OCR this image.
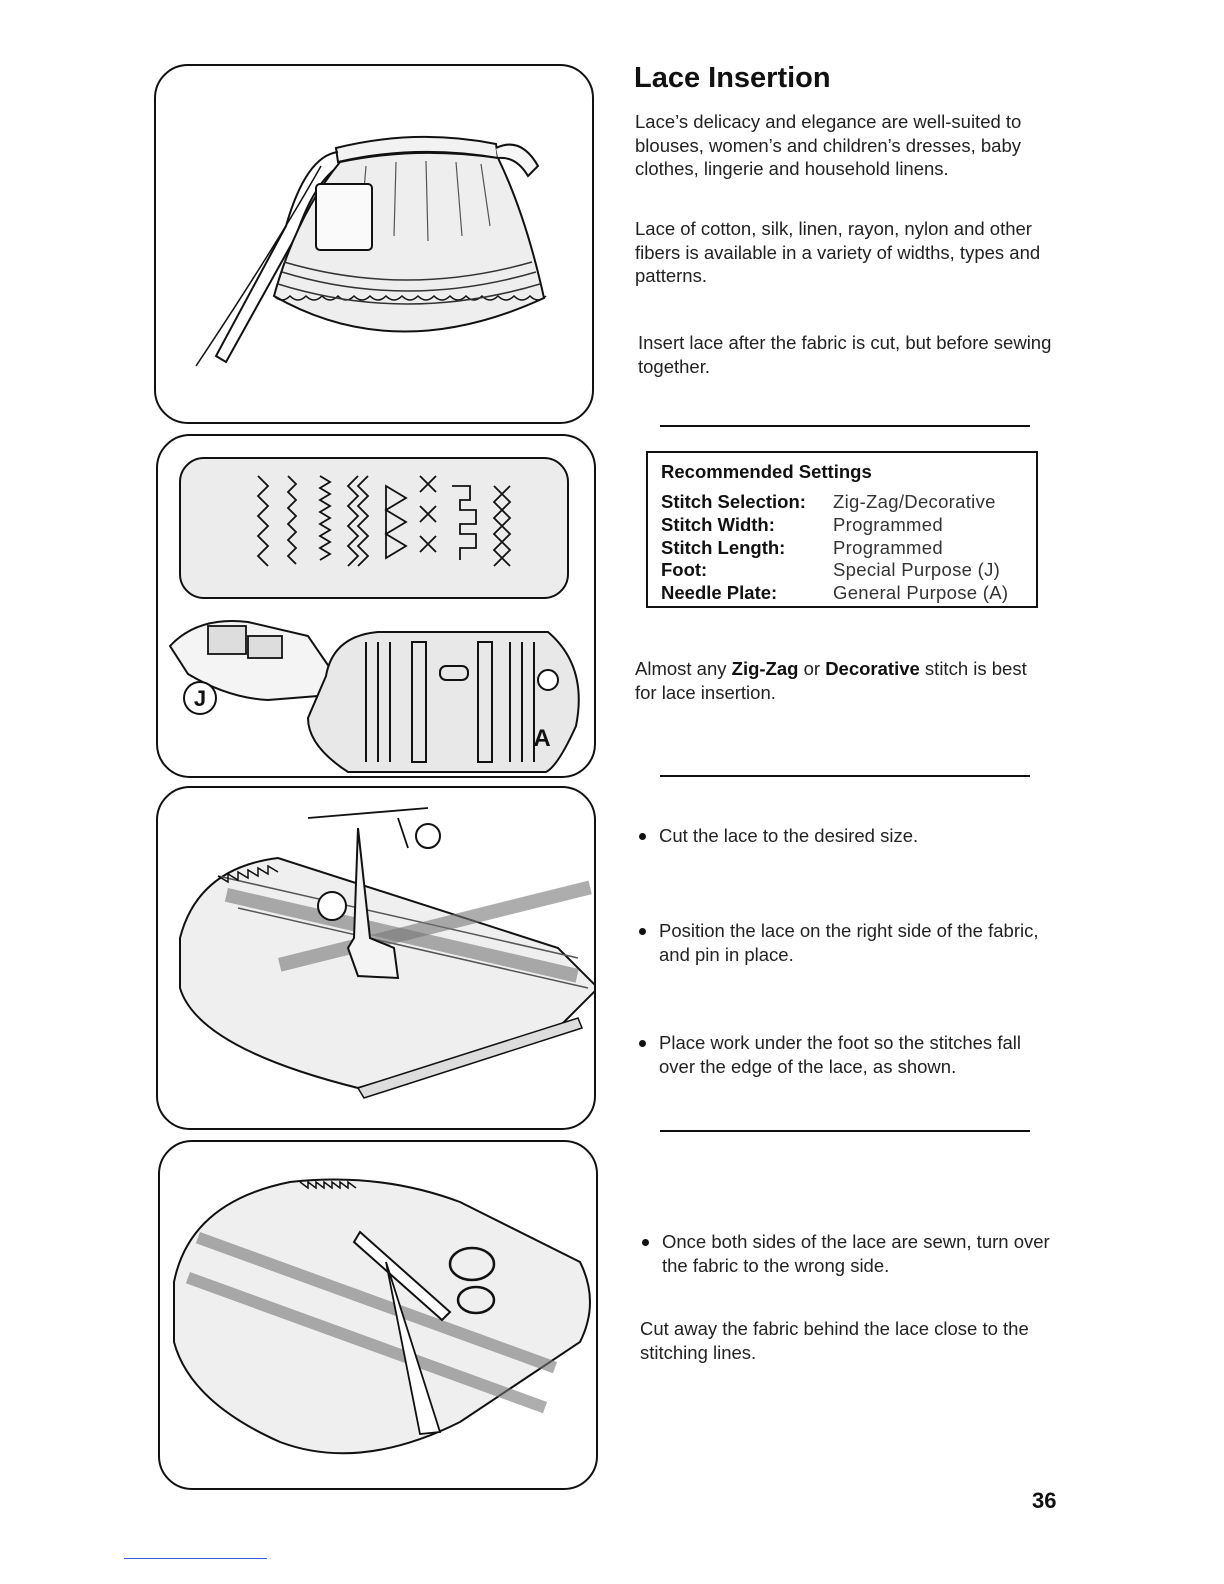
J
A
Lace Insertion

Lace’s delicacy and elegance are well-suited to blouses, women’s and children’s dresses, baby clothes, lingerie and household linens.

Lace of cotton, silk, linen, rayon, nylon and other fibers is available in a variety of widths, types and patterns.

Insert lace after the fabric is cut, but before sewing together.

Recommended Settings
Stitch Selection:	Zig-Zag/Decorative
Stitch Width:	Programmed
Stitch Length:	Programmed
Foot:	Special Purpose (J)
Needle Plate:	General Purpose (A)

Almost any Zig-Zag or Decorative stitch is best for lace insertion.

Cut the lace to the desired size.
Position the lace on the right side of the fabric, and pin in place.
Place work under the foot so the stitches fall over the edge of the lace, as shown.
Once both sides of the lace are sewn, turn over the fabric to the wrong side.

Cut away the fabric behind the lace close to the stitching lines.

36
